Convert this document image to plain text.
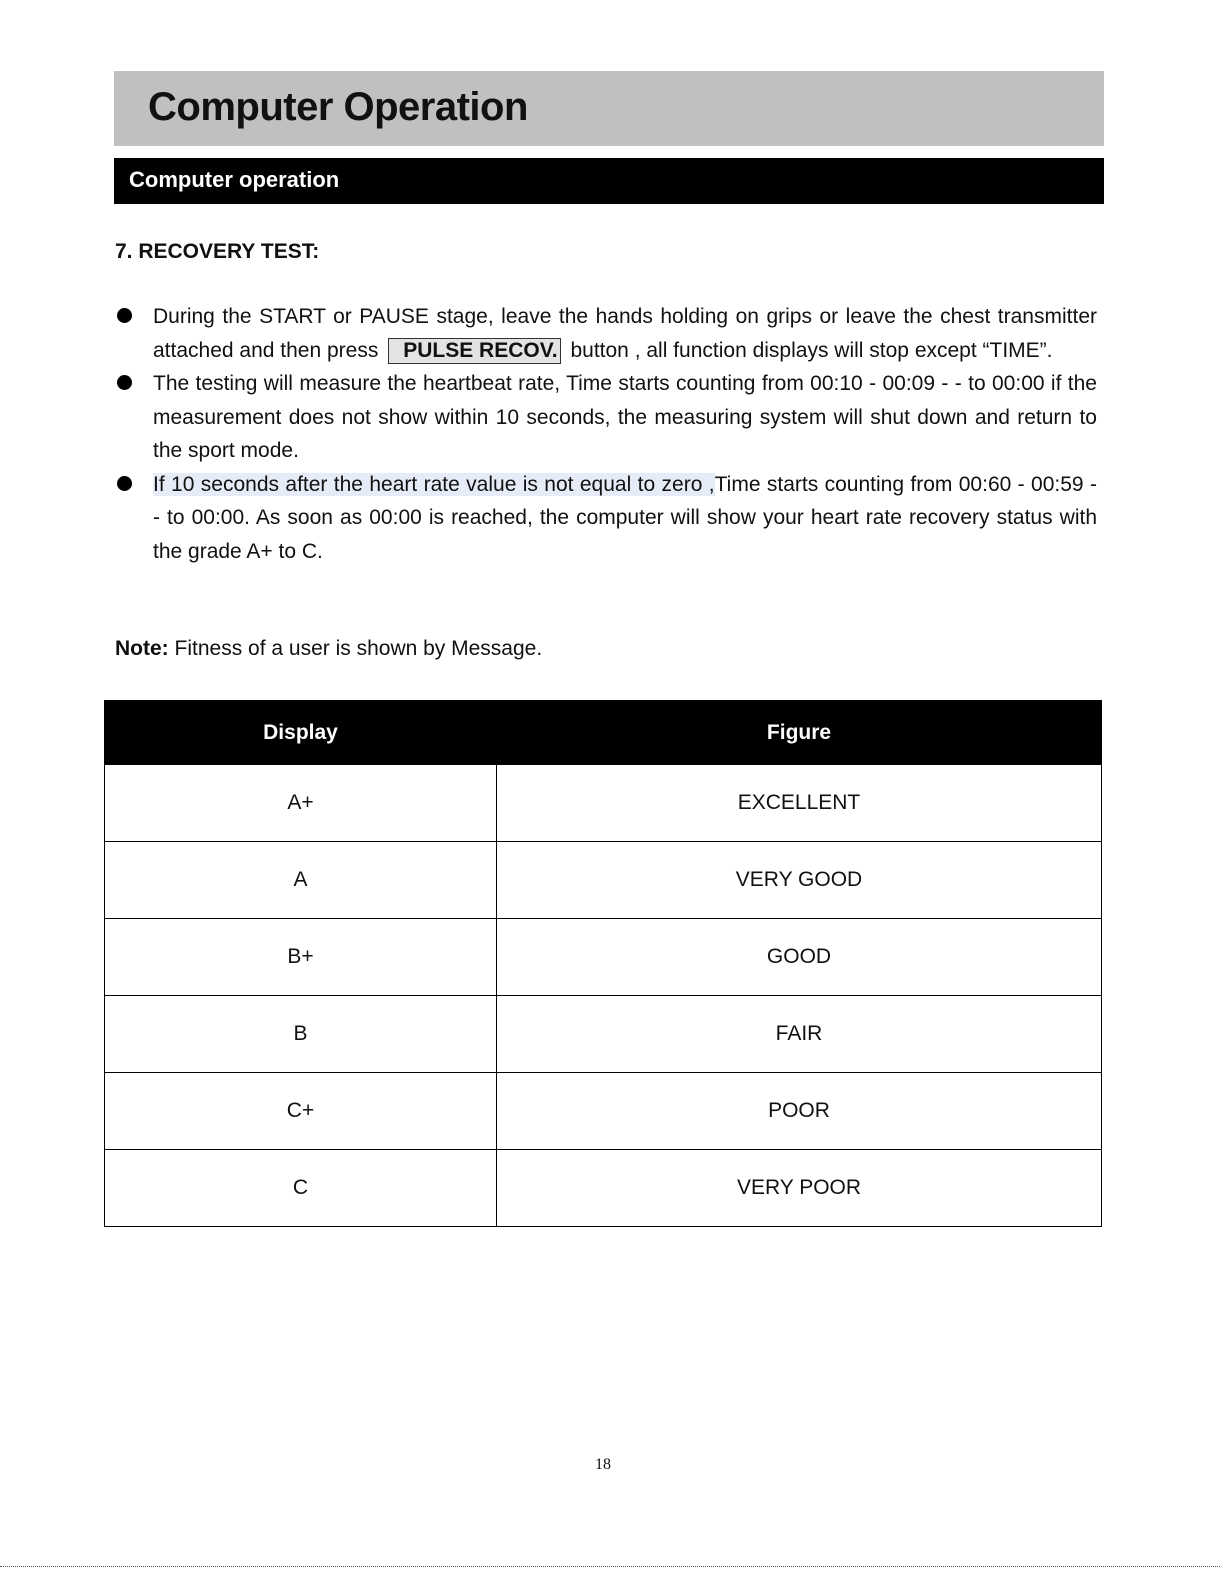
Computer Operation
Computer operation
7. RECOVERY TEST:
During the START or PAUSE stage, leave the hands holding on grips or leave the chest transmitter attached and then press PULSE RECOV. button , all function displays will stop except “TIME”.
The testing will measure the heartbeat rate, Time starts counting from 00:10 - 00:09 - - to 00:00 if the measurement does not show within 10 seconds, the measuring system will shut down and return to the sport mode.
If 10 seconds after the heart rate value is not equal to zero ,Time starts counting from 00:60 - 00:59 - - to 00:00. As soon as 00:00 is reached, the computer will show your heart rate recovery status with the grade A+ to C.
Note: Fitness of a user is shown by Message.
Display	Figure
A+	EXCELLENT
A	VERY GOOD
B+	GOOD
B	FAIR
C+	POOR
C	VERY POOR
18
